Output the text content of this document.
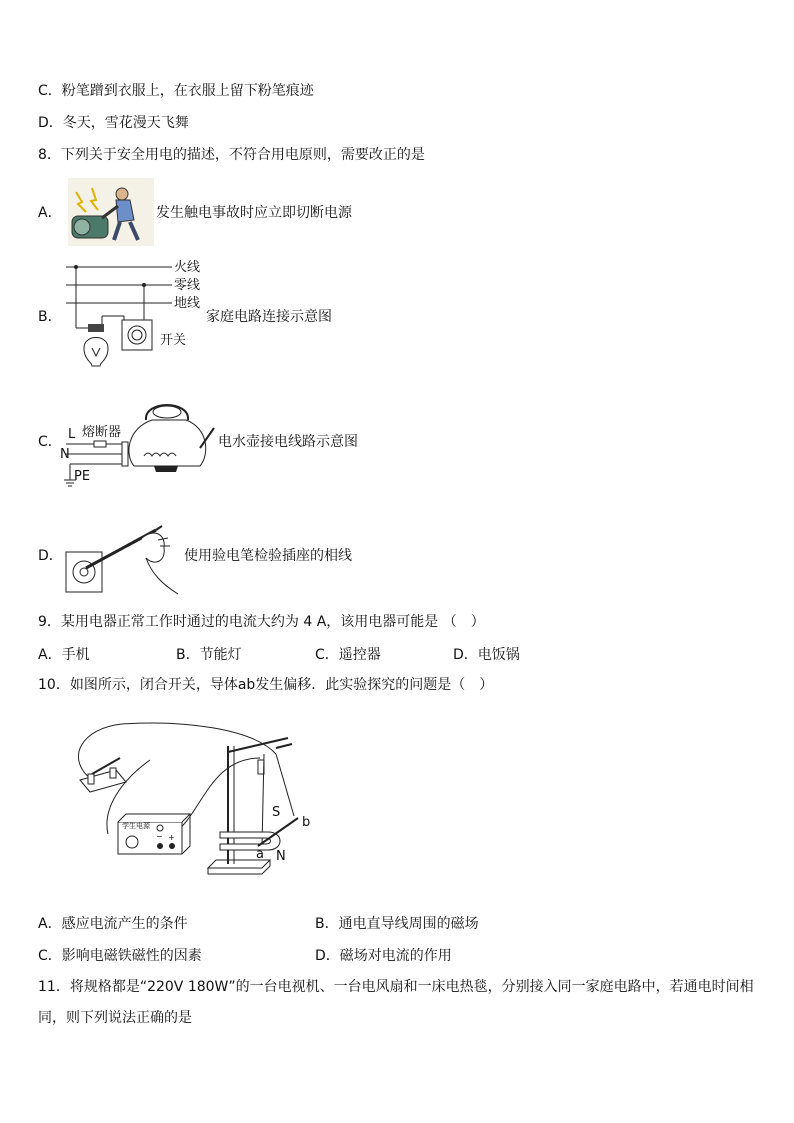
C．粉笔蹭到衣服上，在衣服上留下粉笔痕迹
D．冬天，雪花漫天飞舞
8．下列关于安全用电的描述，不符合用电原则，需要改正的是
A．	发生触电事故时应立即切断电源
B．
火线
零线
地线
开关
家庭电路连接示意图
C． L 熔断器
N
PE
电水壶接电线路示意图
D．	使用验电笔检验插座的相线
9．某用电器正常工作时通过的电流大约为 4 A，该用电器可能是 （　）
A．手机	B．节能灯	C．遥控器	D．电饭锅
10．如图所示，闭合开关，导体ab发生偏移．此实验探究的问题是（　）
学生电源
+
−
S
b
a N
A．感应电流产生的条件	B．通电直导线周围的磁场
C．影响电磁铁磁性的因素	D．磁场对电流的作用
11．将规格都是“220V 180W”的一台电视机、一台电风扇和一床电热毯，分别接入同一家庭电路中，若通电时间相
同，则下列说法正确的是
